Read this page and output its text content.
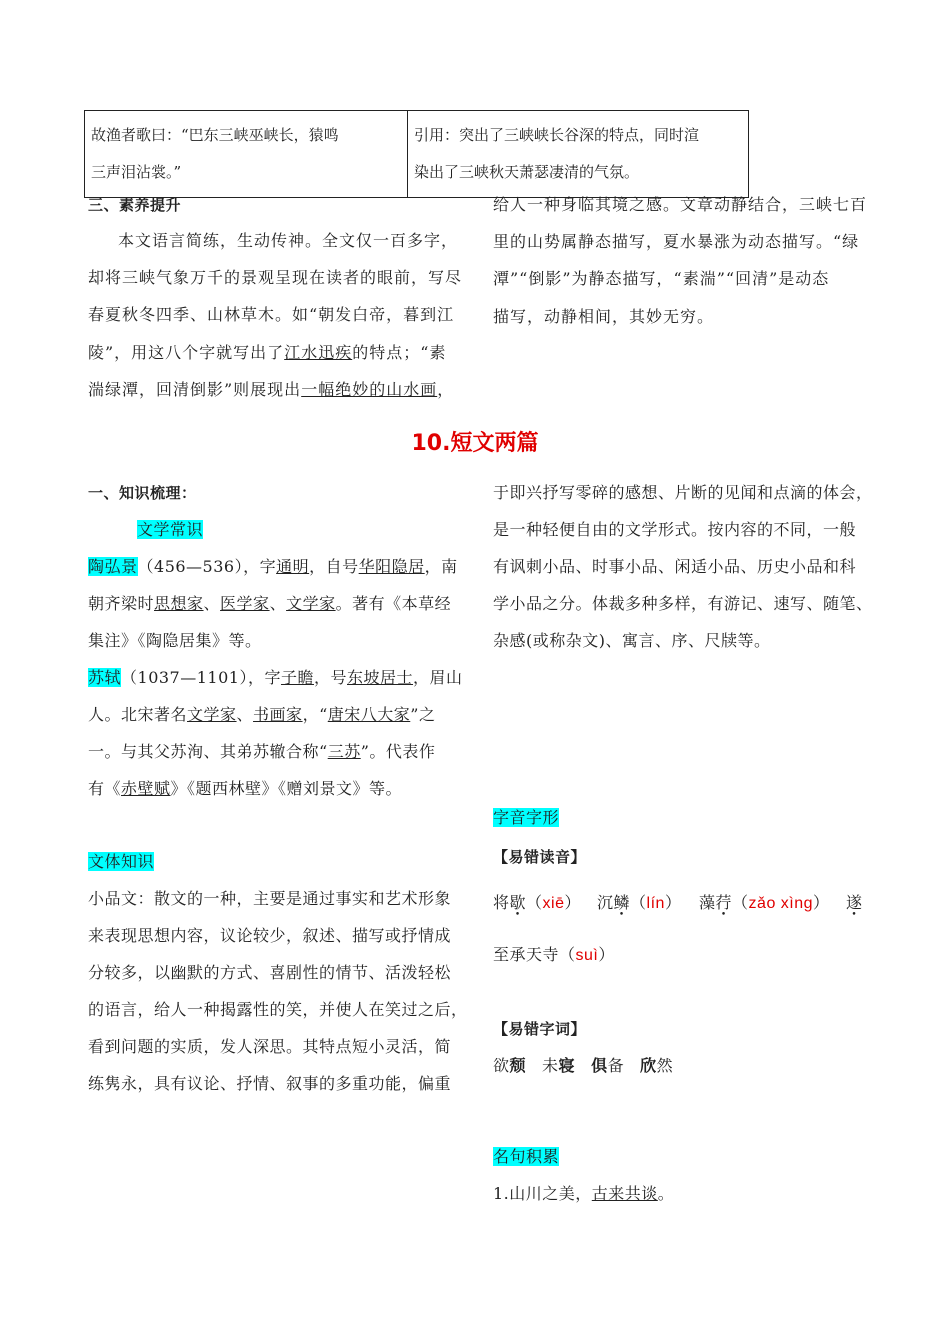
故渔者歌曰：“巴东三峡巫峡长，猿鸣
三声泪沾裳。”

引用：突出了三峡峡长谷深的特点，同时渲
染出了三峡秋天萧瑟凄清的气氛。
三、素养提升
本文语言简练，生动传神。全文仅一百多字，
却将三峡气象万千的景观呈现在读者的眼前，写尽
春夏秋冬四季、山林草木。如“朝发白帝，暮到江
陵”，用这八个字就写出了江水迅疾的特点；“素
湍绿潭，回清倒影”则展现出一幅绝妙的山水画，
给人一种身临其境之感。文章动静结合，三峡七百
里的山势属静态描写，夏水暴涨为动态描写。“绿
潭”“倒影”为静态描写，“素湍”“回清”是动态
描写，动静相间，其妙无穷。
10.短文两篇
一、知识梳理：
文学常识
陶弘景（456—536），字通明，自号华阳隐居，南
朝齐梁时思想家、医学家、文学家。著有《本草经
集注》《陶隐居集》等。
苏轼（1037—1101），字子瞻，号东坡居士，眉山
人。北宋著名文学家、书画家，“唐宋八大家”之
一。与其父苏洵、其弟苏辙合称“三苏”。代表作
有《赤壁赋》《题西林壁》《赠刘景文》等。
文体知识
小品文：散文的一种，主要是通过事实和艺术形象
来表现思想内容，议论较少，叙述、描写或抒情成
分较多，以幽默的方式、喜剧性的情节、活泼轻松
的语言，给人一种揭露性的笑，并使人在笑过之后，
看到问题的实质，发人深思。其特点短小灵活，简
练隽永，具有议论、抒情、叙事的多重功能，偏重
于即兴抒写零碎的感想、片断的见闻和点滴的体会，
是一种轻便自由的文学形式。按内容的不同，一般
有讽刺小品、时事小品、闲适小品、历史小品和科
学小品之分。体裁多种多样，有游记、速写、随笔、
杂感(或称杂文)、寓言、序、尺牍等。
字音字形
【易错读音】
将歇（xiē） 沉鳞（lín） 藻荇（zǎo xìng） 遂
至承天寺（suì）
【易错字词】
欲颓 未寝 俱备 欣然
名句积累
1.山川之美，古来共谈。
